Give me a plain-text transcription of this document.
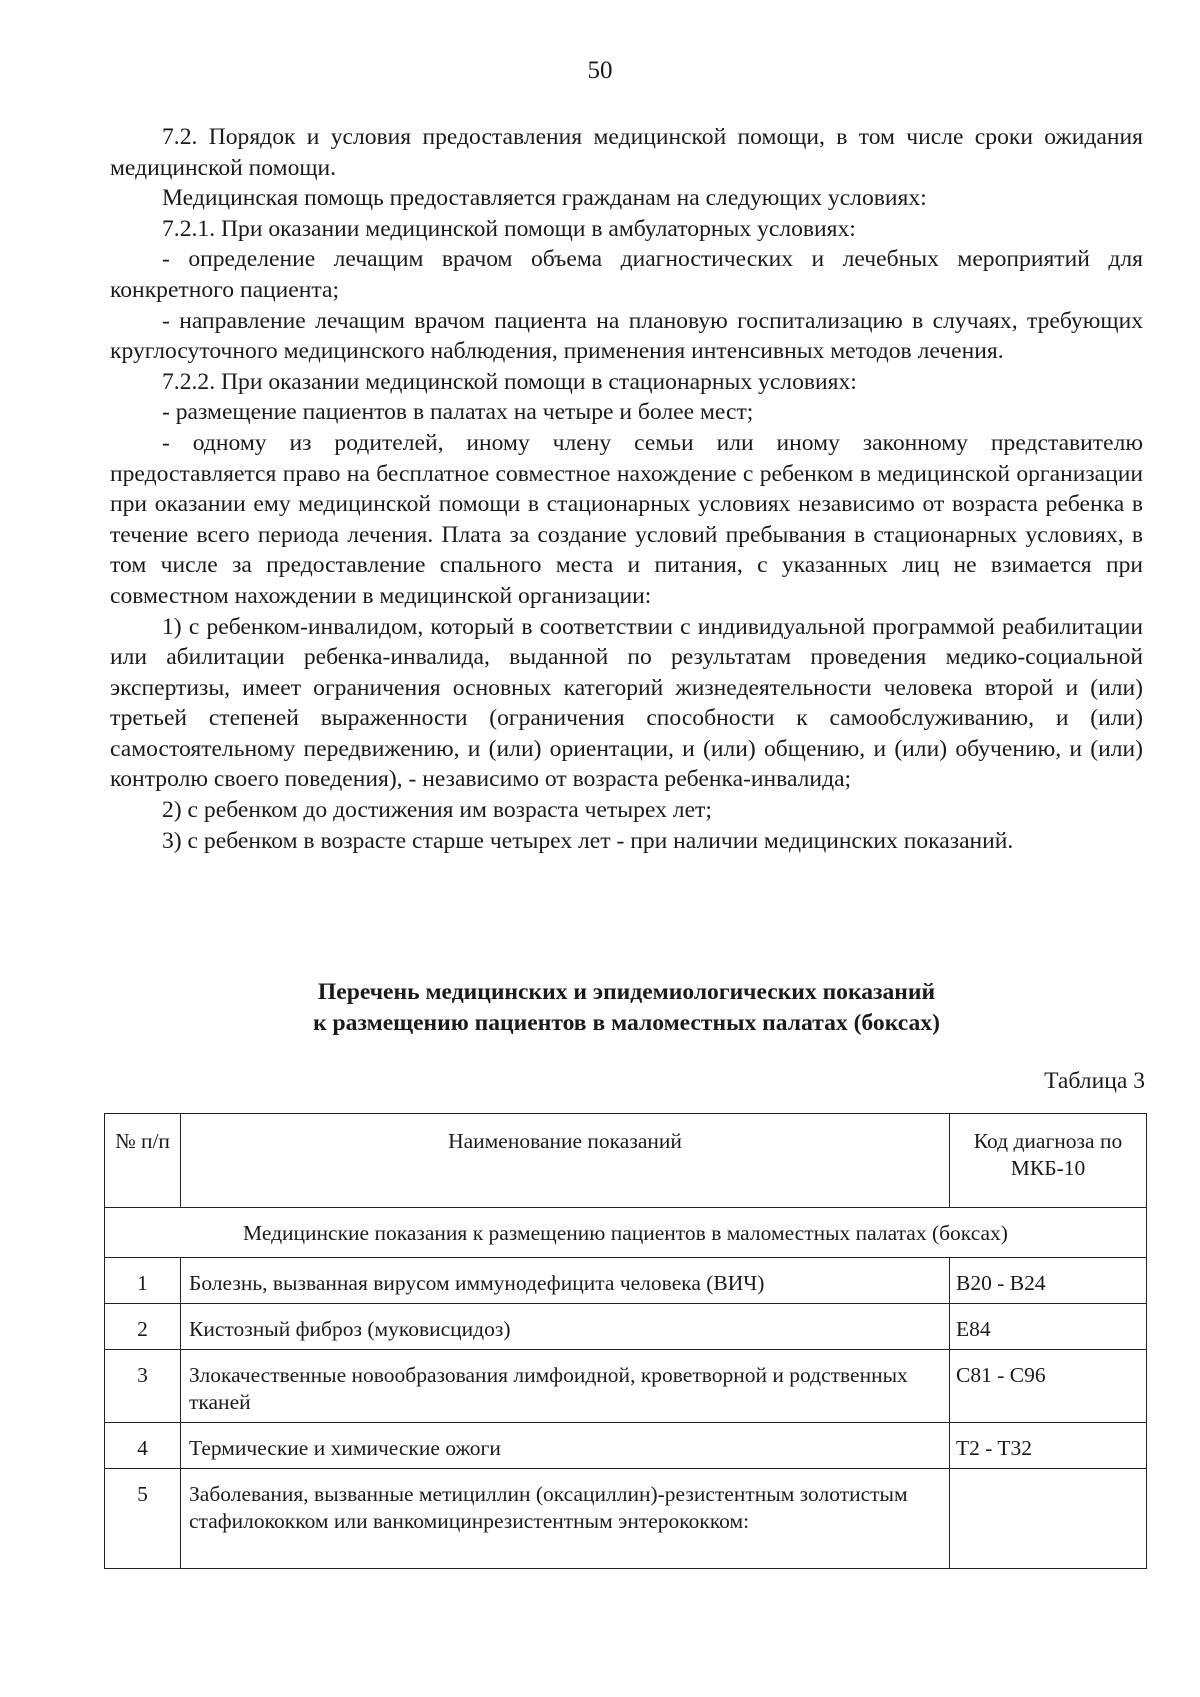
50

7.2. Порядок и условия предоставления медицинской помощи, в том числе сроки ожидания медицинской помощи.

Медицинская помощь предоставляется гражданам на следующих условиях:

7.2.1. При оказании медицинской помощи в амбулаторных условиях:

- определение лечащим врачом объема диагностических и лечебных мероприятий для конкретного пациента;

- направление лечащим врачом пациента на плановую госпитализацию в случаях, требующих круглосуточного медицинского наблюдения, применения интенсивных методов лечения.

7.2.2. При оказании медицинской помощи в стационарных условиях:

- размещение пациентов в палатах на четыре и более мест;

- одному из родителей, иному члену семьи или иному законному представителю предоставляется право на бесплатное совместное нахождение с ребенком в медицинской организации при оказании ему медицинской помощи в стационарных условиях независимо от возраста ребенка в течение всего периода лечения. Плата за создание условий пребывания в стационарных условиях, в том числе за предоставление спального места и питания, с указанных лиц не взимается при совместном нахождении в медицинской организации:

1) с ребенком-инвалидом, который в соответствии с индивидуальной программой реабилитации или абилитации ребенка-инвалида, выданной по результатам проведения медико-социальной экспертизы, имеет ограничения основных категорий жизнедеятельности человека второй и (или) третьей степеней выраженности (ограничения способности к самообслуживанию, и (или) самостоятельному передвижению, и (или) ориентации, и (или) общению, и (или) обучению, и (или) контролю своего поведения), - независимо от возраста ребенка-инвалида;

2) с ребенком до достижения им возраста четырех лет;

3) с ребенком в возрасте старше четырех лет - при наличии медицинских показаний.

Перечень медицинских и эпидемиологических показаний
к размещению пациентов в маломестных палатах (боксах)
Таблица 3
№ п/п	Наименование показаний	Код диагноза по МКБ-10
Медицинские показания к размещению пациентов в маломестных палатах (боксах)		
1	Болезнь, вызванная вирусом иммунодефицита человека (ВИЧ)	B20 - B24
2	Кистозный фиброз (муковисцидоз)	E84
3	Злокачественные новообразования лимфоидной, кроветворной и родственных тканей	C81 - C96
4	Термические и химические ожоги	T2 - T32
5	Заболевания, вызванные метициллин (оксациллин)-резистентным золотистым стафилококком или ванкомицинрезистентным энтерококком:	
